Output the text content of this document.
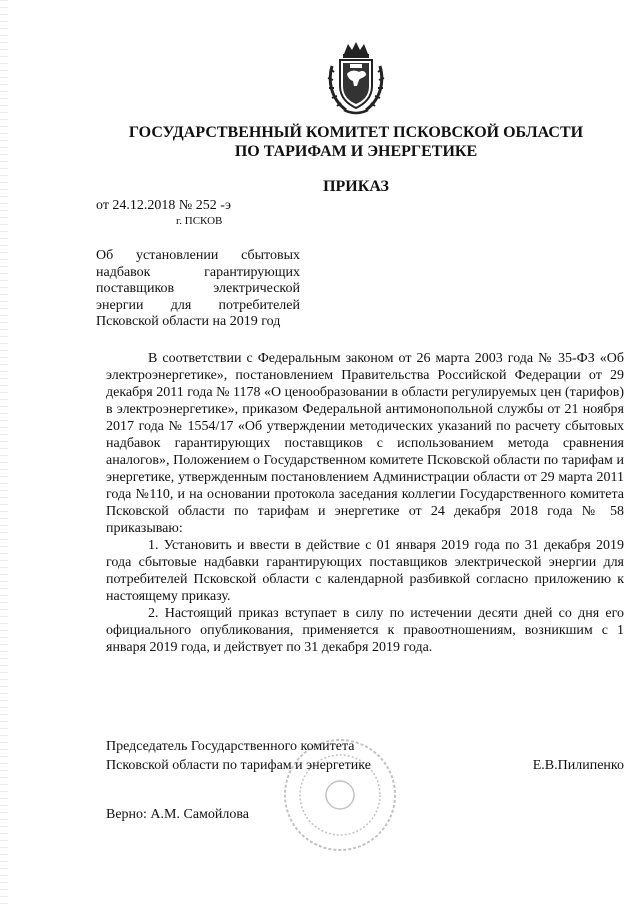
ГОСУДАРСТВЕННЫЙ КОМИТЕТ ПСКОВСКОЙ ОБЛАСТИ
ПО ТАРИФАМ И ЭНЕРГЕТИКЕ
ПРИКАЗ
от 24.12.2018 № 252 -э
г. ПСКОВ
Об установлении сбытовых надбавок гарантирующих поставщиков электрической энергии для потребителей Псковской области на 2019 год

В соответствии с Федеральным законом от 26 марта 2003 года № 35-ФЗ «Об электроэнергетике», постановлением Правительства Российской Федерации от 29 декабря 2011 года № 1178 «О ценообразовании в области регулируемых цен (тарифов) в электроэнергетике», приказом Федеральной антимонопольной службы от 21 ноября 2017 года № 1554/17 «Об утверждении методических указаний по расчету сбытовых надбавок гарантирующих поставщиков с использованием метода сравнения аналогов», Положением о Государственном комитете Псковской области по тарифам и энергетике, утвержденным постановлением Администрации области от 29 марта 2011 года №110, и на основании протокола заседания коллегии Государственного комитета Псковской области по тарифам и энергетике от 24 декабря 2018 года № 58 приказываю:

1. Установить и ввести в действие с 01 января 2019 года по 31 декабря 2019 года сбытовые надбавки гарантирующих поставщиков электрической энергии для потребителей Псковской области с календарной разбивкой согласно приложению к настоящему приказу.

2. Настоящий приказ вступает в силу по истечении десяти дней со дня его официального опубликования, применяется к правоотношениям, возникшим с 1 января 2019 года, и действует по 31 декабря 2019 года.

Председатель Государственного комитета
Псковской области по тарифам и энергетике	Е.В.Пилипенко
Верно: А.М. Самойлова
